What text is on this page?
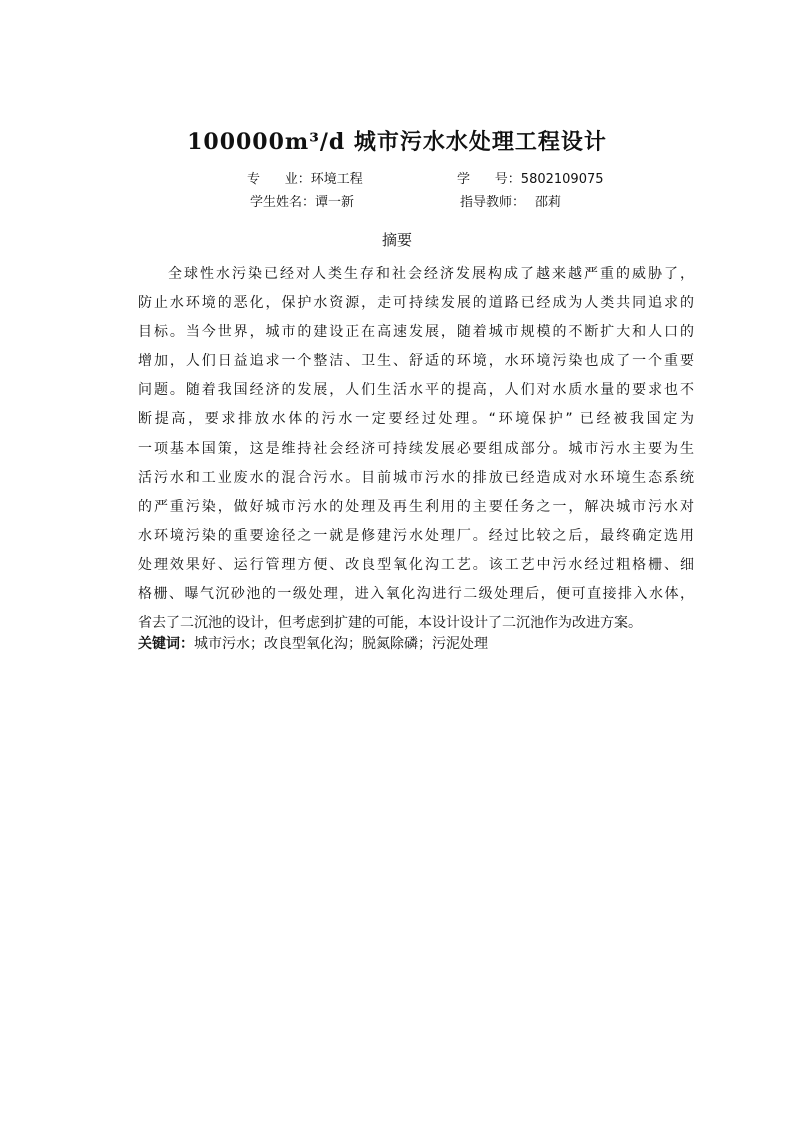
100000m³/d 城市污水水处理工程设计
专      业：环境工程	学      号：5802109075
学生姓名：谭一新	指导教师： 邵莉
摘要
全球性水污染已经对人类生存和社会经济发展构成了越来越严重的威胁了，
防止水环境的恶化，保护水资源，走可持续发展的道路已经成为人类共同追求的
目标。当今世界，城市的建设正在高速发展，随着城市规模的不断扩大和人口的
增加，人们日益追求一个整洁、卫生、舒适的环境，水环境污染也成了一个重要
问题。随着我国经济的发展，人们生活水平的提高，人们对水质水量的要求也不
断提高，要求排放水体的污水一定要经过处理。“环境保护” 已经被我国定为
一项基本国策，这是维持社会经济可持续发展必要组成部分。城市污水主要为生
活污水和工业废水的混合污水。目前城市污水的排放已经造成对水环境生态系统
的严重污染，做好城市污水的处理及再生利用的主要任务之一，解决城市污水对
水环境污染的重要途径之一就是修建污水处理厂。经过比较之后，最终确定选用
处理效果好、运行管理方便、改良型氧化沟工艺。该工艺中污水经过粗格栅、细
格栅、曝气沉砂池的一级处理，进入氧化沟进行二级处理后，便可直接排入水体，
省去了二沉池的设计，但考虑到扩建的可能，本设计设计了二沉池作为改进方案。
关键词：城市污水；改良型氧化沟；脱氮除磷；污泥处理
